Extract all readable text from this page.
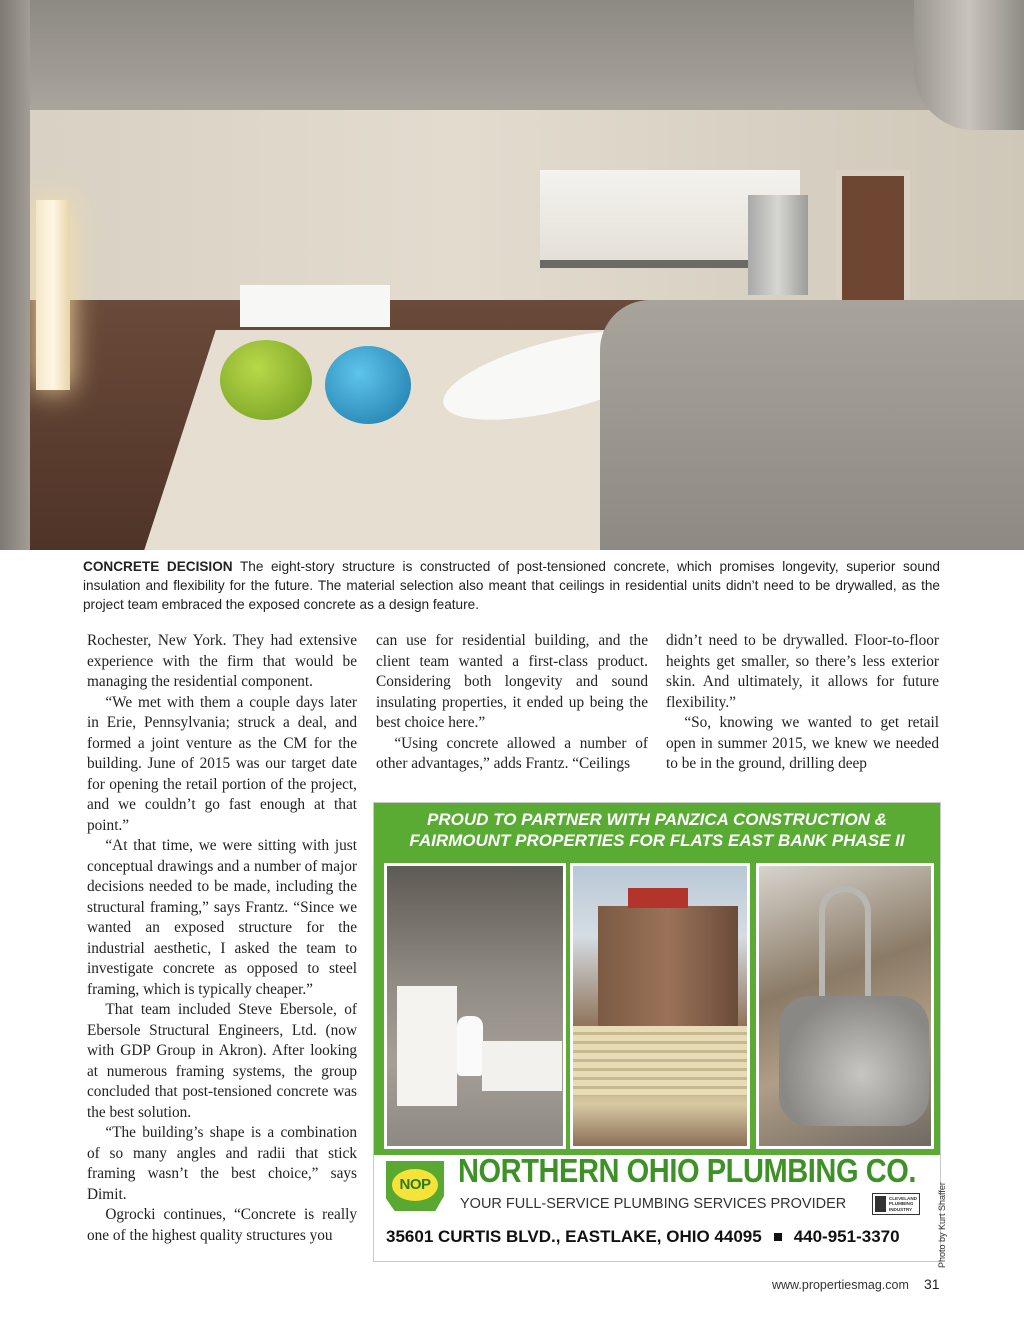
CONCRETE DECISION The eight-story structure is constructed of post-tensioned concrete, which promises longevity, superior sound insulation and flexibility for the future. The material selection also meant that ceilings in residential units didn’t need to be drywalled, as the project team embraced the exposed concrete as a design feature.

Rochester, New York. They had extensive experience with the firm that would be managing the residential component.

“We met with them a couple days later in Erie, Pennsylvania; struck a deal, and formed a joint venture as the CM for the building. June of 2015 was our target date for opening the retail portion of the project, and we couldn’t go fast enough at that point.”

“At that time, we were sitting with just conceptual drawings and a number of major decisions needed to be made, including the structural framing,” says Frantz. “Since we wanted an exposed structure for the industrial aesthetic, I asked the team to investigate concrete as opposed to steel framing, which is typically cheaper.”

That team included Steve Ebersole, of Ebersole Structural Engineers, Ltd. (now with GDP Group in Akron). After looking at numerous framing systems, the group concluded that post-tensioned concrete was the best solution.

“The building’s shape is a combination of so many angles and radii that stick framing wasn’t the best choice,” says Dimit.

Ogrocki continues, “Concrete is really one of the highest quality structures you

can use for residential building, and the client team wanted a first-class product. Considering both longevity and sound insulating properties, it ended up being the best choice here.”

“Using concrete allowed a number of other advantages,” adds Frantz. “Ceilings

didn’t need to be drywalled. Floor-to-floor heights get smaller, so there’s less exterior skin. And ultimately, it allows for future flexibility.”

“So, knowing we wanted to get retail open in summer 2015, we knew we needed to be in the ground, drilling deep

PROUD TO PARTNER WITH PANZICA CONSTRUCTION &
FAIRMOUNT PROPERTIES FOR FLATS EAST BANK PHASE II
NOP NORTHERN OHIO PLUMBING CO.
YOUR FULL-SERVICE PLUMBING SERVICES PROVIDER	CLEVELAND
PLUMBING
INDUSTRY
35601 CURTIS BLVD., EASTLAKE, OHIO 44095 440-951-3370	Photo by Kurt Shaffer
www.propertiesmag.com 31
